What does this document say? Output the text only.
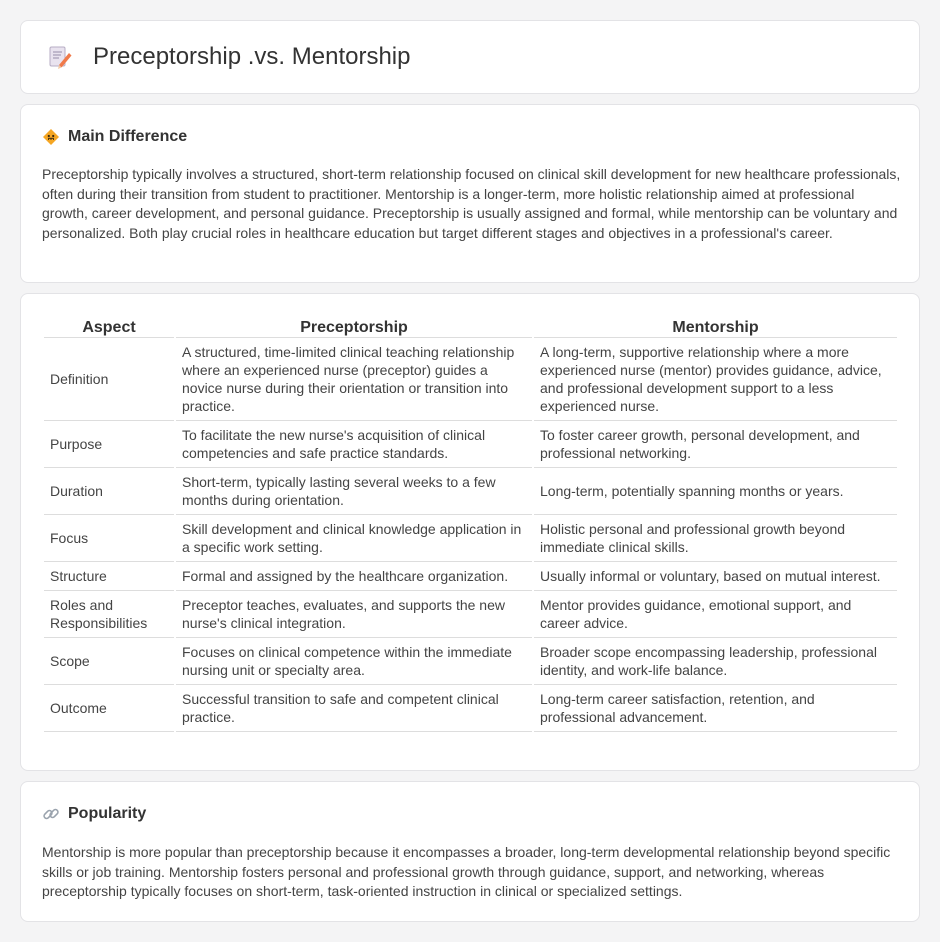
Preceptorship .vs. Mentorship
Main Difference

Preceptorship typically involves a structured, short-term relationship focused on clinical skill development for new healthcare professionals, often during their transition from student to practitioner. Mentorship is a longer-term, more holistic relationship aimed at professional growth, career development, and personal guidance. Preceptorship is usually assigned and formal, while mentorship can be voluntary and personalized. Both play crucial roles in healthcare education but target different stages and objectives in a professional's career.

Aspect	Preceptorship	Mentorship
Definition	A structured, time-limited clinical teaching relationship where an experienced nurse (preceptor) guides a novice nurse during their orientation or transition into practice.	A long-term, supportive relationship where a more experienced nurse (mentor) provides guidance, advice, and professional development support to a less experienced nurse.
Purpose	To facilitate the new nurse's acquisition of clinical competencies and safe practice standards.	To foster career growth, personal development, and professional networking.
Duration	Short-term, typically lasting several weeks to a few months during orientation.	Long-term, potentially spanning months or years.
Focus	Skill development and clinical knowledge application in a specific work setting.	Holistic personal and professional growth beyond immediate clinical skills.
Structure	Formal and assigned by the healthcare organization.	Usually informal or voluntary, based on mutual interest.
Roles and Responsibilities	Preceptor teaches, evaluates, and supports the new nurse's clinical integration.	Mentor provides guidance, emotional support, and career advice.
Scope	Focuses on clinical competence within the immediate nursing unit or specialty area.	Broader scope encompassing leadership, professional identity, and work-life balance.
Outcome	Successful transition to safe and competent clinical practice.	Long-term career satisfaction, retention, and professional advancement.
Popularity

Mentorship is more popular than preceptorship because it encompasses a broader, long-term developmental relationship beyond specific skills or job training. Mentorship fosters personal and professional growth through guidance, support, and networking, whereas preceptorship typically focuses on short-term, task-oriented instruction in clinical or specialized settings.
